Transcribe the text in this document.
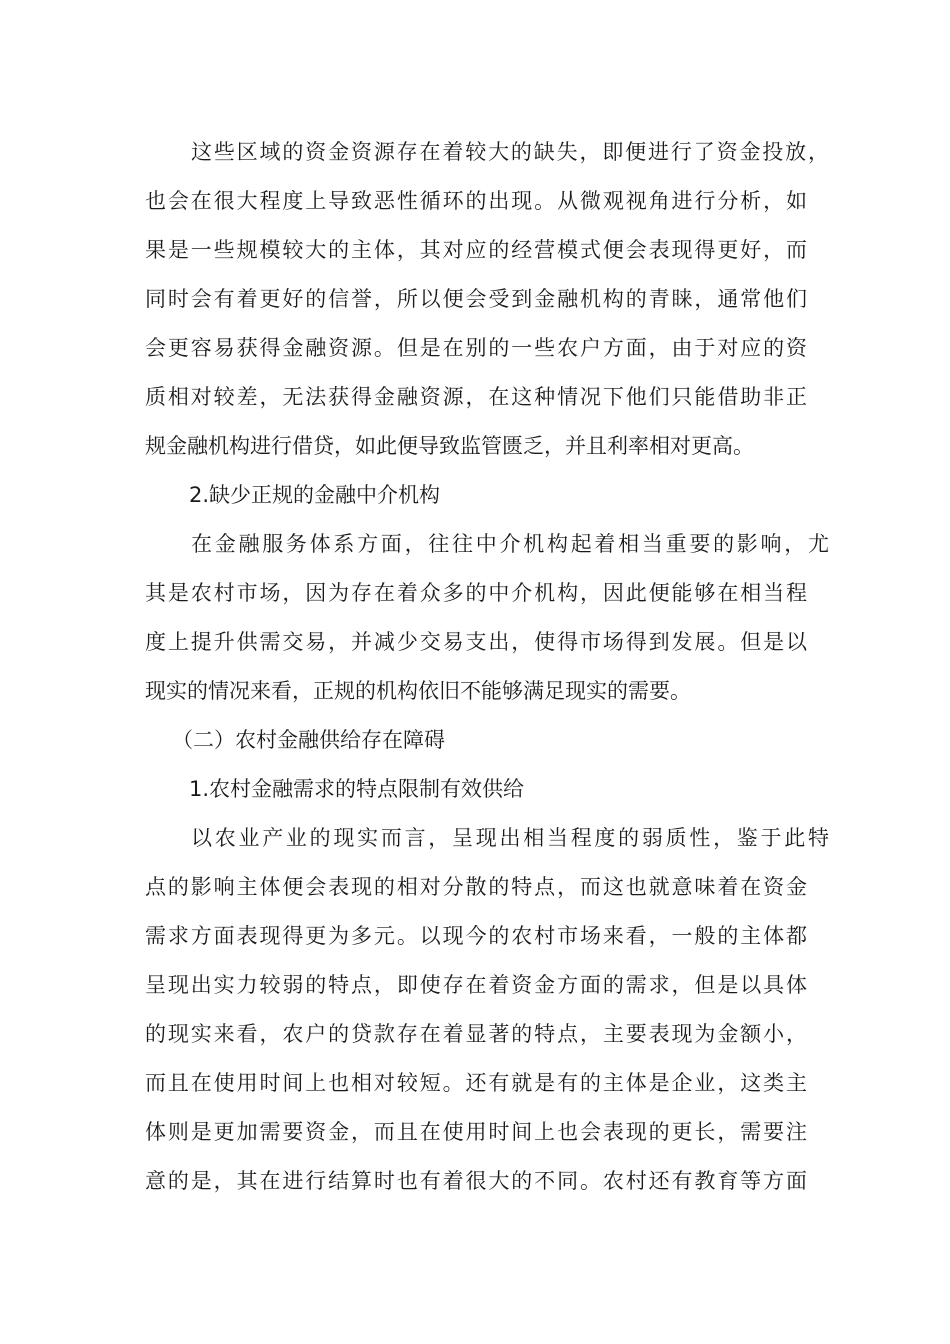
这些区域的资金资源存在着较大的缺失，即便进行了资金投放，
也会在很大程度上导致恶性循环的出现。从微观视角进行分析，如
果是一些规模较大的主体，其对应的经营模式便会表现得更好，而
同时会有着更好的信誉，所以便会受到金融机构的青睐，通常他们
会更容易获得金融资源。但是在别的一些农户方面，由于对应的资
质相对较差，无法获得金融资源，在这种情况下他们只能借助非正
规金融机构进行借贷，如此便导致监管匮乏，并且利率相对更高。
2.缺少正规的金融中介机构
在金融服务体系方面，往往中介机构起着相当重要的影响，尤
其是农村市场，因为存在着众多的中介机构，因此便能够在相当程
度上提升供需交易，并减少交易支出，使得市场得到发展。但是以
现实的情况来看，正规的机构依旧不能够满足现实的需要。
（二）农村金融供给存在障碍
1.农村金融需求的特点限制有效供给
以农业产业的现实而言，呈现出相当程度的弱质性，鉴于此特
点的影响主体便会表现的相对分散的特点，而这也就意味着在资金
需求方面表现得更为多元。以现今的农村市场来看，一般的主体都
呈现出实力较弱的特点，即使存在着资金方面的需求，但是以具体
的现实来看，农户的贷款存在着显著的特点，主要表现为金额小，
而且在使用时间上也相对较短。还有就是有的主体是企业，这类主
体则是更加需要资金，而且在使用时间上也会表现的更长，需要注
意的是，其在进行结算时也有着很大的不同。农村还有教育等方面
